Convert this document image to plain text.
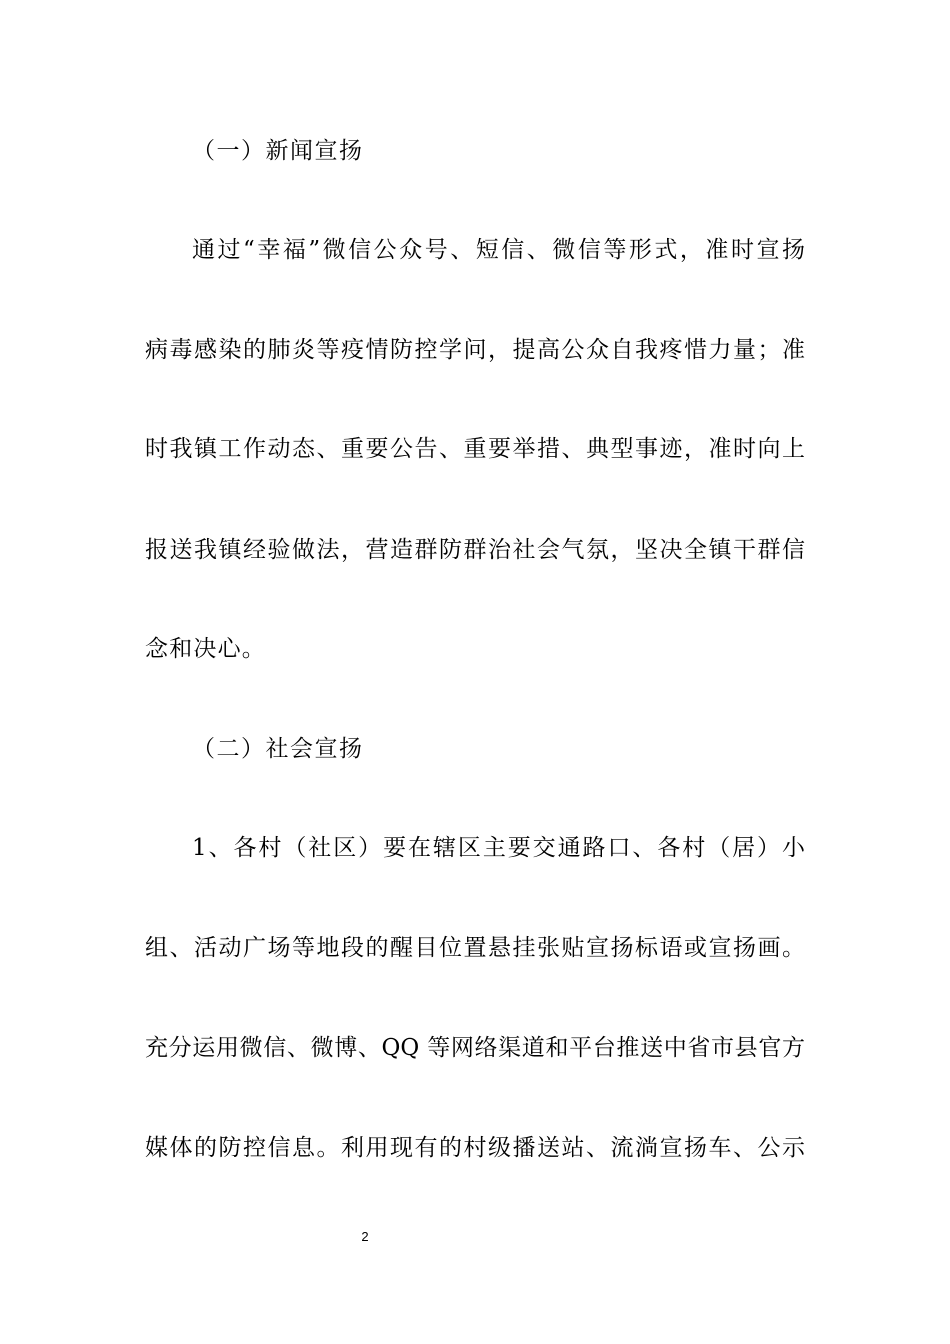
（一）新闻宣扬
通过“幸福”微信公众号、短信、微信等形式，准时宣扬
病毒感染的肺炎等疫情防控学问，提高公众自我疼惜力量；准
时我镇工作动态、重要公告、重要举措、典型事迹，准时向上
报送我镇经验做法，营造群防群治社会气氛，坚决全镇干群信
念和决心。
（二）社会宣扬
1、各村（社区）要在辖区主要交通路口、各村（居）小
组、活动广场等地段的醒目位置悬挂张贴宣扬标语或宣扬画。
充分运用微信、微博、QQ 等网络渠道和平台推送中省市县官方
媒体的防控信息。利用现有的村级播送站、流淌宣扬车、公示
2
